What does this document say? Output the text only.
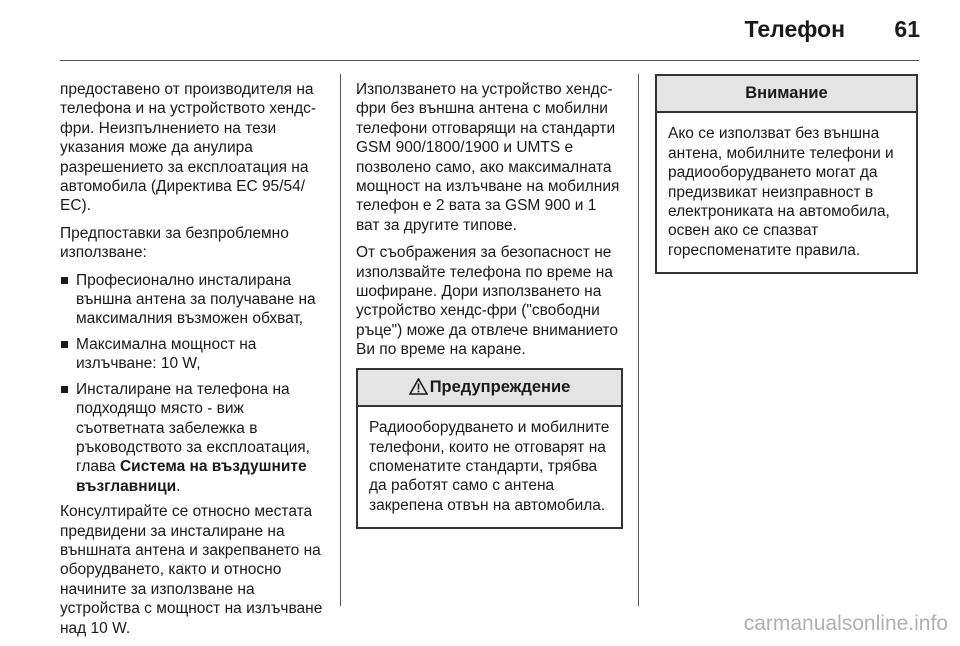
Телефон 61

предоставено от производителя на телефона и на устройството хендс-фри. Неизпълнението на тези указания може да анулира разрешението за експлоатация на автомобила (Директива ЕС 95/54/ ЕС).

Предпоставки за безпроблемно използване:

Професионално инсталирана външна антена за получаване на максималния възможен обхват,
Максимална мощност на излъчване: 10 W,
Инсталиране на телефона на подходящо място - виж съответната забележка в ръководството за експлоатация, глава Система на въздушните възглавници.

Консултирайте се относно местата предвидени за инсталиране на външната антена и закрепването на оборудването, както и относно начините за използване на устройства с мощност на излъчване над 10 W.

Използването на устройство хендс-фри без външна антена с мобилни телефони отговарящи на стандарти GSM 900/1800/1900 и UMTS е позволено само, ако максималната мощност на излъчване на мобилния телефон е 2 вата за GSM 900 и 1 ват за другите типове.

От съображения за безопасност не използвайте телефона по време на шофиране. Дори използването на устройство хендс-фри ("свободни ръце") може да отвлече вниманието Ви по време на каране.

Предупреждение
Радиооборудването и мобилните телефони, които не отговарят на споменатите стандарти, трябва да работят само с антена закрепена отвън на автомобила.
Внимание
Ако се използват без външна антена, мобилните телефони и радиооборудването могат да предизвикат неизправност в електрониката на автомобила, освен ако се спазват гореспоменатите правила.
carmanualsonline.info
